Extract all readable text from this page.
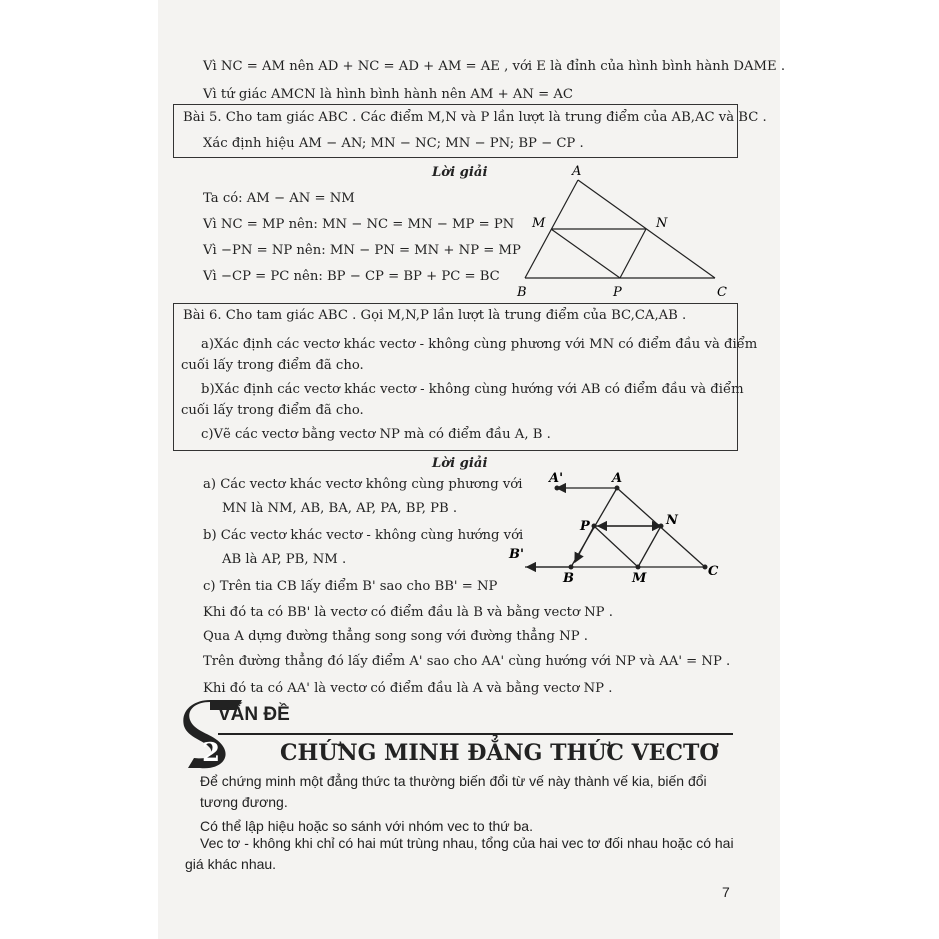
Vì NC = AM nên AD + NC = AD + AM = AE , với E là đỉnh của hình bình hành DAME .
Vì tứ giác AMCN là hình bình hành nên AM + AN = AC
Bài 5. Cho tam giác ABC . Các điểm M,N và P lần lượt là trung điểm của AB,AC và BC .
Xác định hiệu AM − AN; MN − NC; MN − PN; BP − CP .
Lời giải
Ta có: AM − AN = NM
Vì NC = MP nên: MN − NC = MN − MP = PN
Vì −PN = NP nên: MN − PN = MN + NP = MP
Vì −CP = PC nên: BP − CP = BP + PC = BC
A
M	N
B	P	C
Bài 6. Cho tam giác ABC . Gọi M,N,P lần lượt là trung điểm của BC,CA,AB .
a)Xác định các vectơ khác vectơ - không cùng phương với MN có điểm đầu và điểm
cuối lấy trong điểm đã cho.
b)Xác định các vectơ khác vectơ - không cùng hướng với AB có điểm đầu và điểm
cuối lấy trong điểm đã cho.
c)Vẽ các vectơ bằng vectơ NP mà có điểm đầu A, B .
Lời giải
a) Các vectơ khác vectơ không cùng phương với
MN là NM, AB, BA, AP, PA, BP, PB .
b) Các vectơ khác vectơ - không cùng hướng với
AB là AP, PB, NM .
c) Trên tia CB lấy điểm B' sao cho BB' = NP
Khi đó ta có BB' là vectơ có điểm đầu là B và bằng vectơ NP .
Qua A dựng đường thẳng song song với đường thẳng NP .
Trên đường thẳng đó lấy điểm A' sao cho AA' cùng hướng với NP và AA' = NP .
Khi đó ta có AA' là vectơ có điểm đầu là A và bằng vectơ NP .
A'	A
P	N
B'
B	M	C
2
VẤN ĐỀ
CHỨNG MINH ĐẲNG THỨC VECTƠ
Để chứng minh một đẳng thức ta thường biến đổi từ vế này thành vế kia, biến đổi
tương đương.
Có thể lập hiệu hoặc so sánh với nhóm vec to thứ ba.
Vec tơ - không khi chỉ có hai mút trùng nhau, tổng của hai vec tơ đối nhau hoặc có hai
giá khác nhau.
7
